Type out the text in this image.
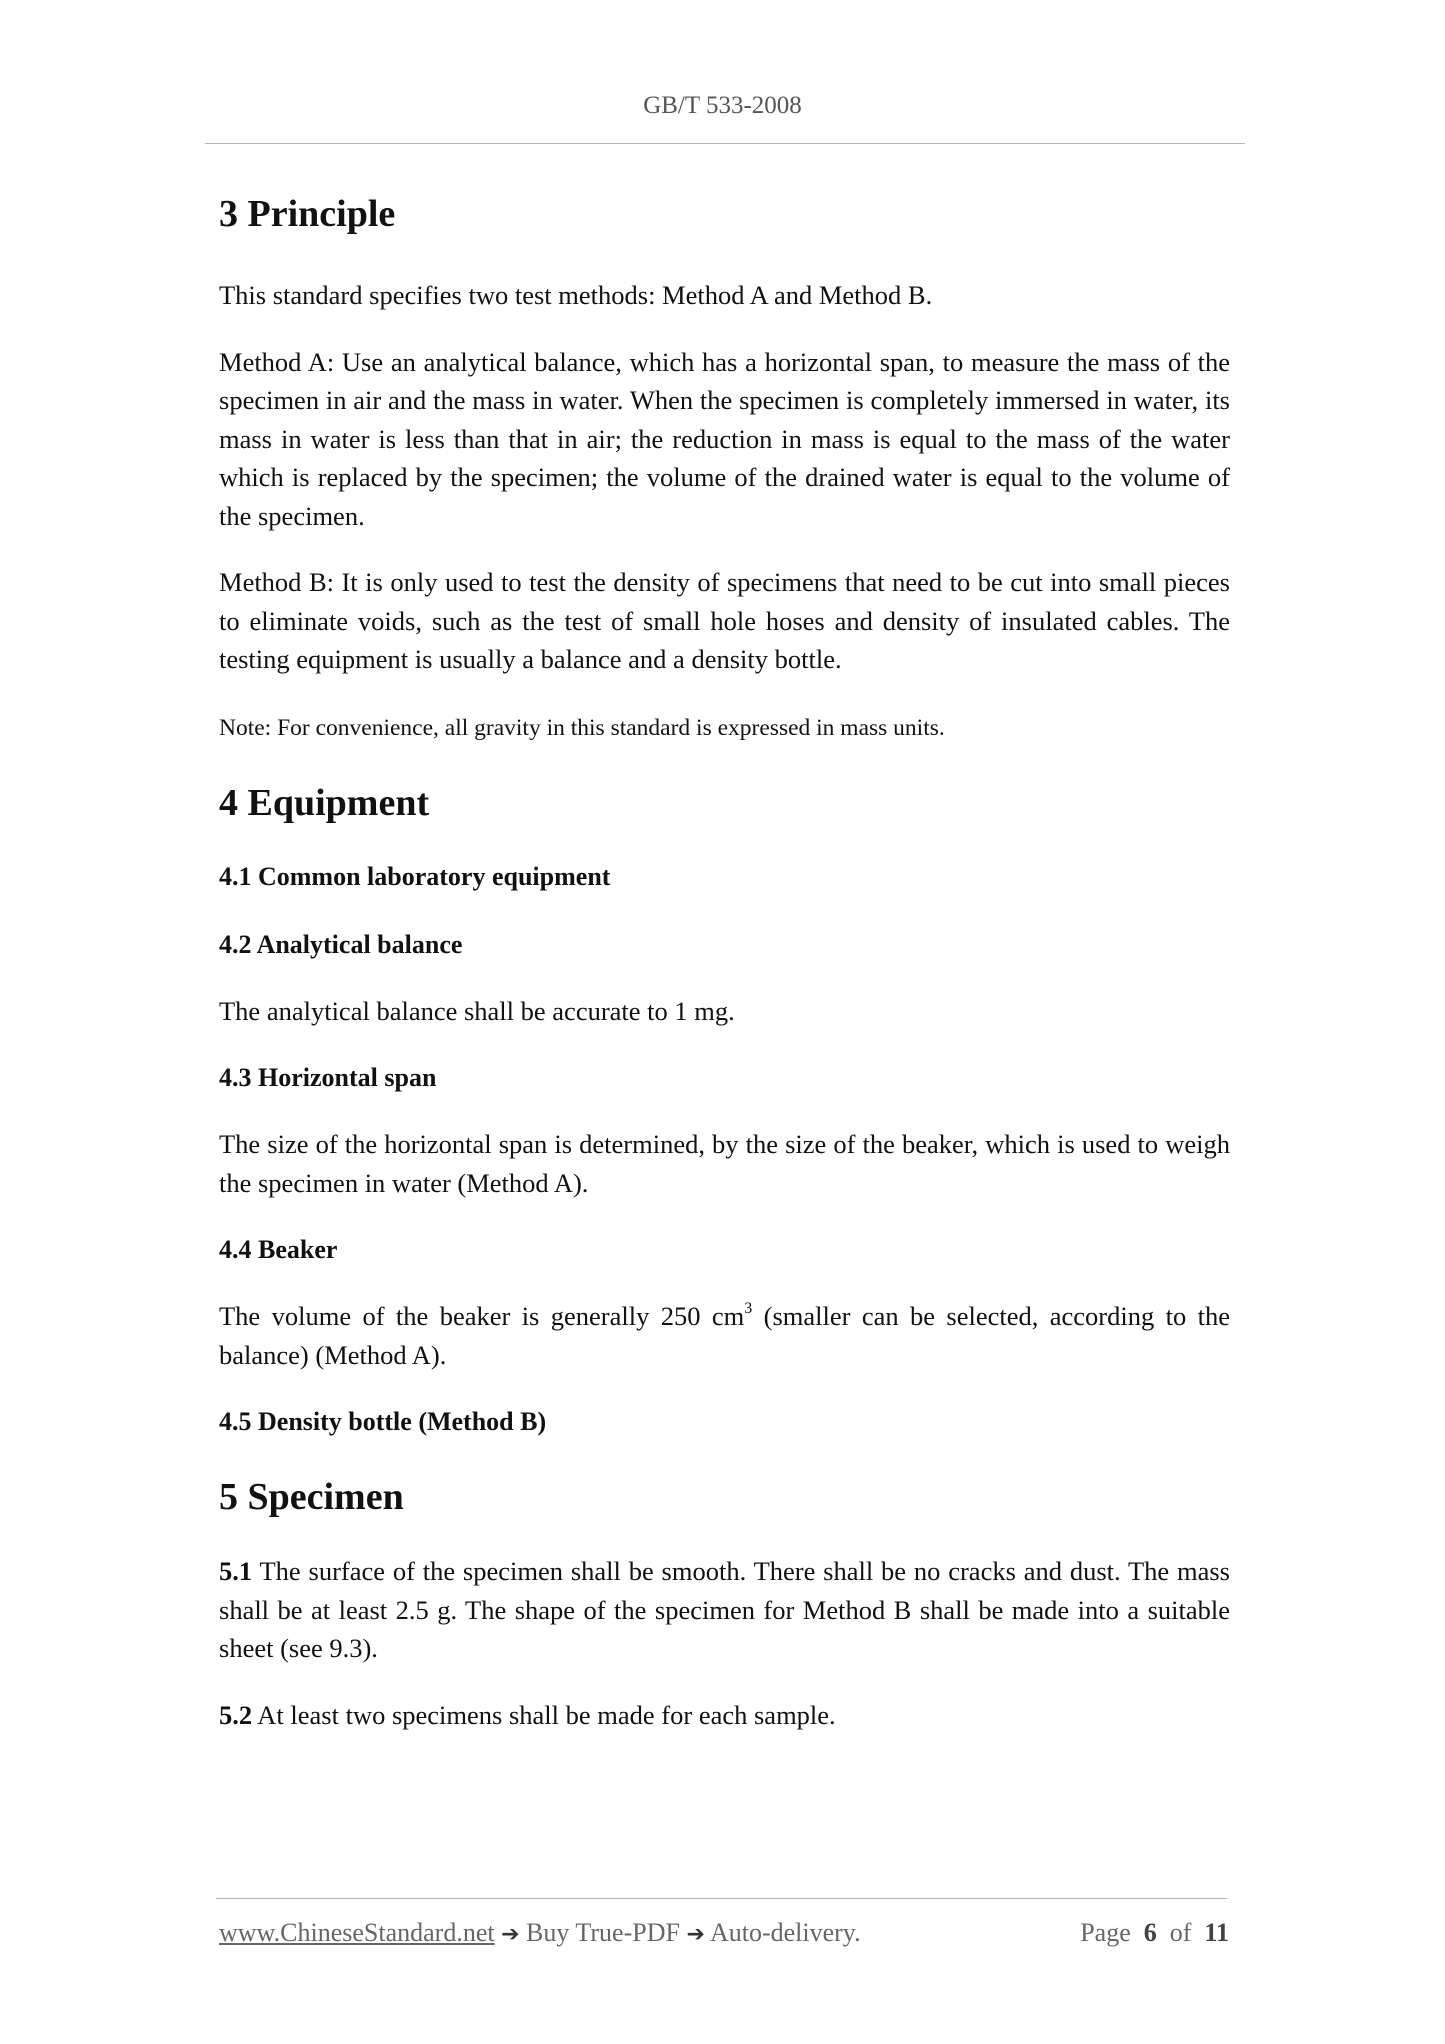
GB/T 533-2008
3 Principle

This standard specifies two test methods: Method A and Method B.

Method A: Use an analytical balance, which has a horizontal span, to measure the mass of the specimen in air and the mass in water. When the specimen is completely immersed in water, its mass in water is less than that in air; the reduction in mass is equal to the mass of the water which is replaced by the specimen; the volume of the drained water is equal to the volume of the specimen.

Method B: It is only used to test the density of specimens that need to be cut into small pieces to eliminate voids, such as the test of small hole hoses and density of insulated cables. The testing equipment is usually a balance and a density bottle.

Note: For convenience, all gravity in this standard is expressed in mass units.

4 Equipment

4.1 Common laboratory equipment

4.2 Analytical balance

The analytical balance shall be accurate to 1 mg.

4.3 Horizontal span

The size of the horizontal span is determined, by the size of the beaker, which is used to weigh the specimen in water (Method A).

4.4 Beaker

The volume of the beaker is generally 250 $cm^3$ (smaller can be selected, according to the balance) (Method A).

4.5 Density bottle (Method B)

5 Specimen

5.1 The surface of the specimen shall be smooth. There shall be no cracks and dust. The mass shall be at least 2.5 g. The shape of the specimen for Method B shall be made into a suitable sheet (see 9.3).

5.2 At least two specimens shall be made for each sample.

www.ChineseStandard.net ➔ Buy True-PDF ➔ Auto-delivery.	Page 6 of 11
